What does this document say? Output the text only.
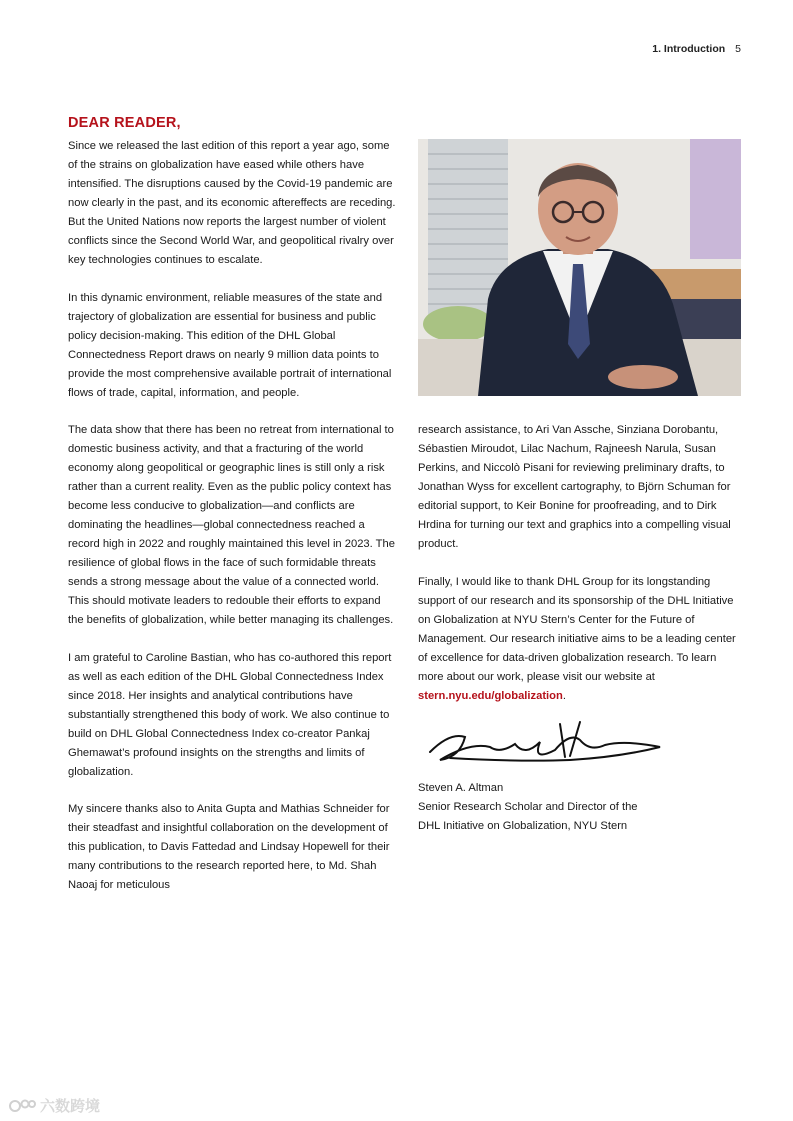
1. Introduction 5
DEAR READER,

Since we released the last edition of this report a year ago, some of the strains on globalization have eased while others have intensified. The disruptions caused by the Covid-19 pandemic are now clearly in the past, and its economic aftereffects are receding. But the United Nations now reports the largest number of violent conflicts since the Second World War, and geopolitical rivalry over key technologies continues to escalate.

In this dynamic environment, reliable measures of the state and trajectory of globalization are essential for business and public policy decision-making. This edition of the DHL Global Connectedness Report draws on nearly 9 million data points to provide the most comprehensive available portrait of international flows of trade, capital, information, and people.

The data show that there has been no retreat from international to domestic business activity, and that a fracturing of the world economy along geopolitical or geographic lines is still only a risk rather than a current reality. Even as the public policy context has become less conducive to globalization—and conflicts are dominating the headlines—global connectedness reached a record high in 2022 and roughly maintained this level in 2023. The resilience of global flows in the face of such formidable threats sends a strong message about the value of a connected world. This should motivate leaders to redouble their efforts to expand the benefits of globalization, while better managing its challenges.

I am grateful to Caroline Bastian, who has co-authored this report as well as each edition of the DHL Global Connectedness Index since 2018. Her insights and analytical contributions have substantially strengthened this body of work. We also continue to build on DHL Global Connectedness Index co-creator Pankaj Ghemawat’s profound insights on the strengths and limits of globalization.

My sincere thanks also to Anita Gupta and Mathias Schneider for their steadfast and insightful collaboration on the development of this publication, to Davis Fattedad and Lindsay Hopewell for their many contributions to the research reported here, to Md. Shah Naoaj for meticulous

research assistance, to Ari Van Assche, Sinziana Dorobantu, Sébastien Miroudot, Lilac Nachum, Rajneesh Narula, Susan Perkins, and Niccolò Pisani for reviewing preliminary drafts, to Jonathan Wyss for excellent cartography, to Björn Schuman for editorial support, to Keir Bonine for proofreading, and to Dirk Hrdina for turning our text and graphics into a compelling visual product.

Finally, I would like to thank DHL Group for its longstanding support of our research and its sponsorship of the DHL Initiative on Globalization at NYU Stern’s Center for the Future of Management. Our research initiative aims to be a leading center of excellence for data-driven globalization research. To learn more about our work, please visit our website at stern.nyu.edu/globalization.

Steven A. Altman
Senior Research Scholar and Director of the
DHL Initiative on Globalization, NYU Stern
六数跨境
